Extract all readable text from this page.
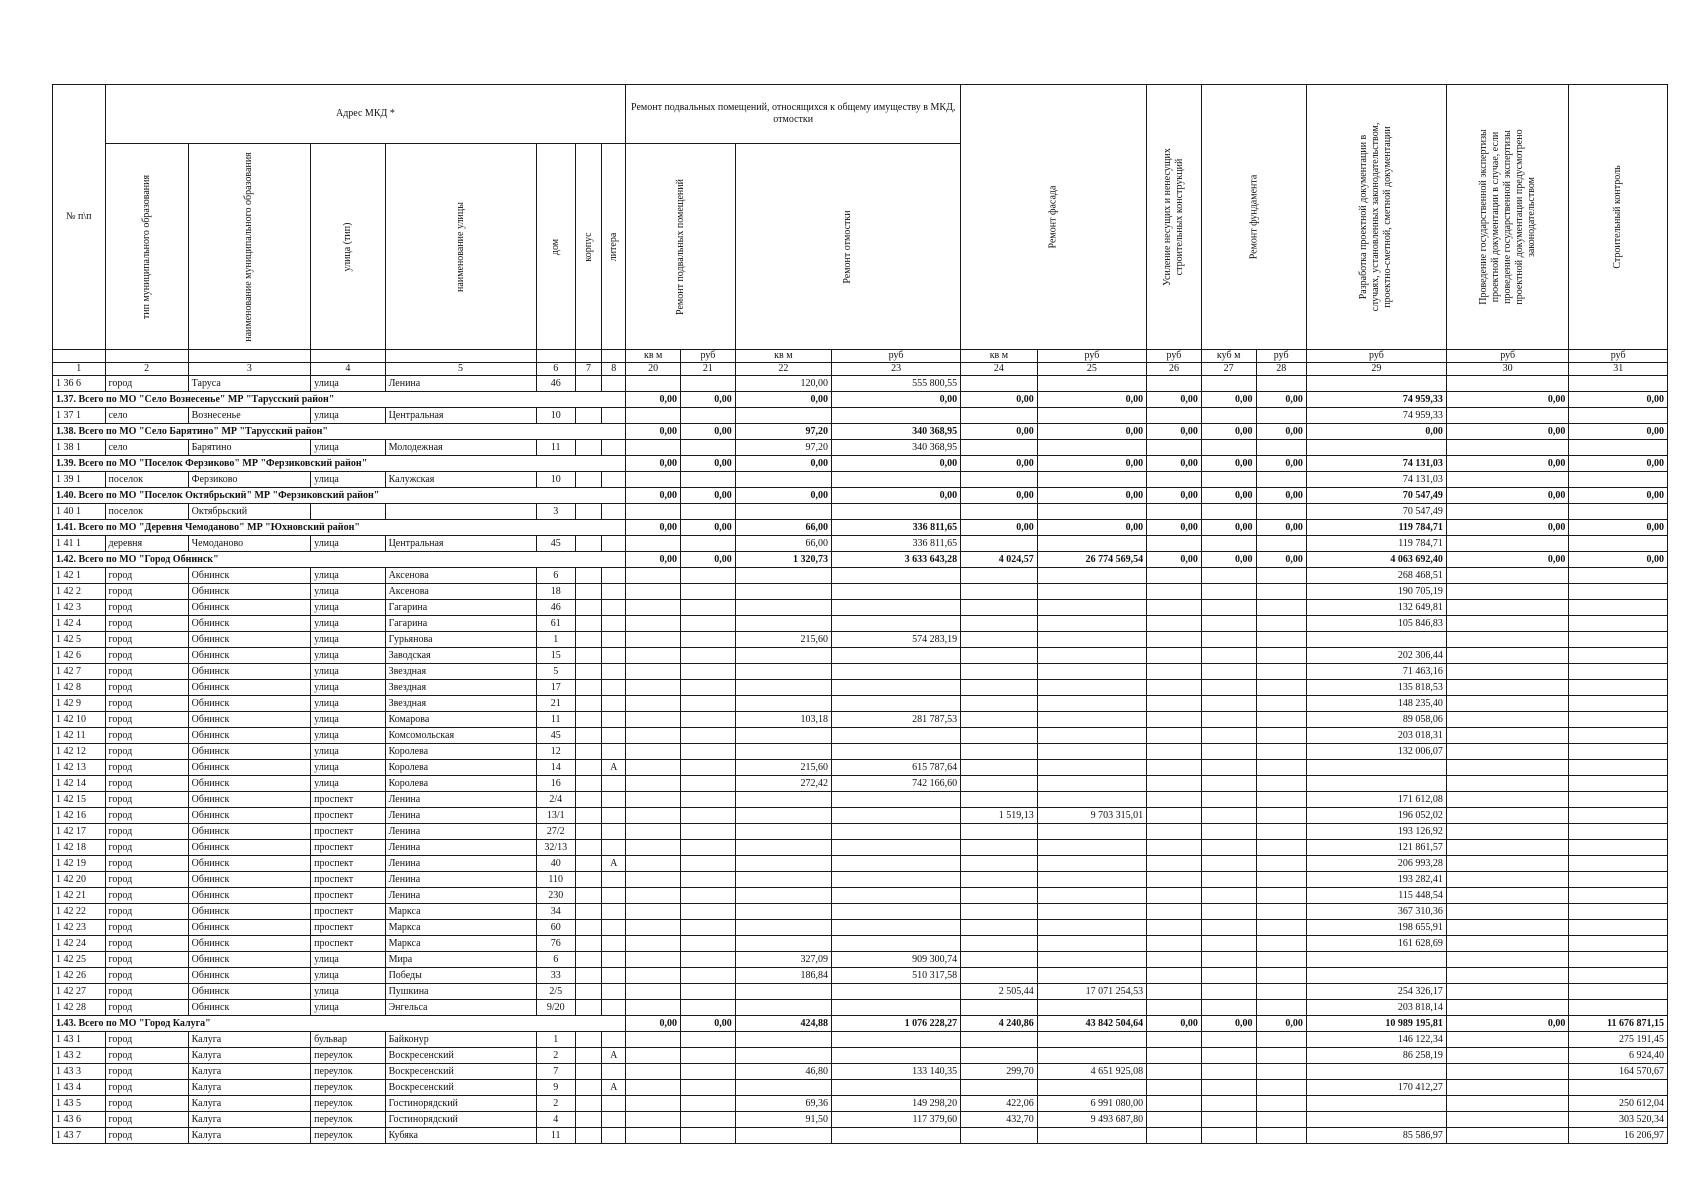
№ п\п	Адрес МКД *							Ремонт подвальных помещений, относящихся к общему имуществу в МКД, отмостки				Ремонт фасада		Усиление несущих и ненесущих строительных конструкций	Ремонт фундамента		Разработка проектной документации в случаях, установленных законодательством, проектно-сметной, сметной документации	Проведение государственной экспертизы проектной документации в случае, если проведение государственной экспертизы проектной документации предусмотрено законодательством	Строительный контроль

	тип муниципального образования	наименование муниципального образования	улица (тип)	наименование улицы	дом	корпус	литера	Ремонт подвальных помещений		Ремонт отмостки									

								кв м	руб	кв м	руб	кв м	руб	руб	куб м	руб	руб	руб	руб
1	2	3	4	5	6	7	8	20	21	22	23	24	25	26	27	28	29	30	31
1 36 6	город	Таруса	улица	Ленина	46					120,00	555 800,55								
1.37. Всего по МО "Село Вознесенье" МР "Тарусский район"								0,00	0,00	0,00	0,00	0,00	0,00	0,00	0,00	0,00	74 959,33	0,00	0,00
1 37 1	село	Вознесенье	улица	Центральная	10												74 959,33		
1.38. Всего по МО "Село Барятино" МР "Тарусский район"								0,00	0,00	97,20	340 368,95	0,00	0,00	0,00	0,00	0,00	0,00	0,00	0,00
1 38 1	село	Барятино	улица	Молодежная	11					97,20	340 368,95								
1.39. Всего по МО "Поселок Ферзиково" МР "Ферзиковский район"								0,00	0,00	0,00	0,00	0,00	0,00	0,00	0,00	0,00	74 131,03	0,00	0,00
1 39 1	поселок	Ферзиково	улица	Калужская	10												74 131,03		
1.40. Всего по МО "Поселок Октябрьский" МР "Ферзиковский район"								0,00	0,00	0,00	0,00	0,00	0,00	0,00	0,00	0,00	70 547,49	0,00	0,00
1 40 1	поселок	Октябрьский			3												70 547,49		
1.41. Всего по МО "Деревня Чемоданово" МР "Юхновский район"								0,00	0,00	66,00	336 811,65	0,00	0,00	0,00	0,00	0,00	119 784,71	0,00	0,00
1 41 1	деревня	Чемоданово	улица	Центральная	45					66,00	336 811,65						119 784,71		
1.42. Всего по МО "Город Обнинск"								0,00	0,00	1 320,73	3 633 643,28	4 024,57	26 774 569,54	0,00	0,00	0,00	4 063 692,40	0,00	0,00
1 42 1	город	Обнинск	улица	Аксенова	6												268 468,51		
1 42 2	город	Обнинск	улица	Аксенова	18												190 705,19		
1 42 3	город	Обнинск	улица	Гагарина	46												132 649,81		
1 42 4	город	Обнинск	улица	Гагарина	61												105 846,83		
1 42 5	город	Обнинск	улица	Гурьянова	1					215,60	574 283,19								
1 42 6	город	Обнинск	улица	Заводская	15												202 306,44		
1 42 7	город	Обнинск	улица	Звездная	5												71 463,16		
1 42 8	город	Обнинск	улица	Звездная	17												135 818,53		
1 42 9	город	Обнинск	улица	Звездная	21												148 235,40		
1 42 10	город	Обнинск	улица	Комарова	11					103,18	281 787,53						89 058,06		
1 42 11	город	Обнинск	улица	Комсомольская	45												203 018,31		
1 42 12	город	Обнинск	улица	Королева	12												132 006,07		
1 42 13	город	Обнинск	улица	Королева	14		А			215,60	615 787,64								
1 42 14	город	Обнинск	улица	Королева	16					272,42	742 166,60								
1 42 15	город	Обнинск	проспект	Ленина	2/4												171 612,08		
1 42 16	город	Обнинск	проспект	Ленина	13/1							1 519,13	9 703 315,01				196 052,02		
1 42 17	город	Обнинск	проспект	Ленина	27/2												193 126,92		
1 42 18	город	Обнинск	проспект	Ленина	32/13												121 861,57		
1 42 19	город	Обнинск	проспект	Ленина	40		А										206 993,28		
1 42 20	город	Обнинск	проспект	Ленина	110												193 282,41		
1 42 21	город	Обнинск	проспект	Ленина	230												115 448,54		
1 42 22	город	Обнинск	проспект	Маркса	34												367 310,36		
1 42 23	город	Обнинск	проспект	Маркса	60												198 655,91		
1 42 24	город	Обнинск	проспект	Маркса	76												161 628,69		
1 42 25	город	Обнинск	улица	Мира	6					327,09	909 300,74								
1 42 26	город	Обнинск	улица	Победы	33					186,84	510 317,58								
1 42 27	город	Обнинск	улица	Пушкина	2/5							2 505,44	17 071 254,53				254 326,17		
1 42 28	город	Обнинск	улица	Энгельса	9/20												203 818,14		
1.43. Всего по МО "Город Калуга"								0,00	0,00	424,88	1 076 228,27	4 240,86	43 842 504,64	0,00	0,00	0,00	10 989 195,81	0,00	11 676 871,15
1 43 1	город	Калуга	бульвар	Байконур	1												146 122,34		275 191,45
1 43 2	город	Калуга	переулок	Воскресенский	2		А										86 258,19		6 924,40
1 43 3	город	Калуга	переулок	Воскресенский	7					46,80	133 140,35	299,70	4 651 925,08						164 570,67
1 43 4	город	Калуга	переулок	Воскресенский	9		А										170 412,27		
1 43 5	город	Калуга	переулок	Гостинорядский	2					69,36	149 298,20	422,06	6 991 080,00						250 612,04
1 43 6	город	Калуга	переулок	Гостинорядский	4					91,50	117 379,60	432,70	9 493 687,80						303 520,34
1 43 7	город	Калуга	переулок	Кубяка	11												85 586,97		16 206,97
